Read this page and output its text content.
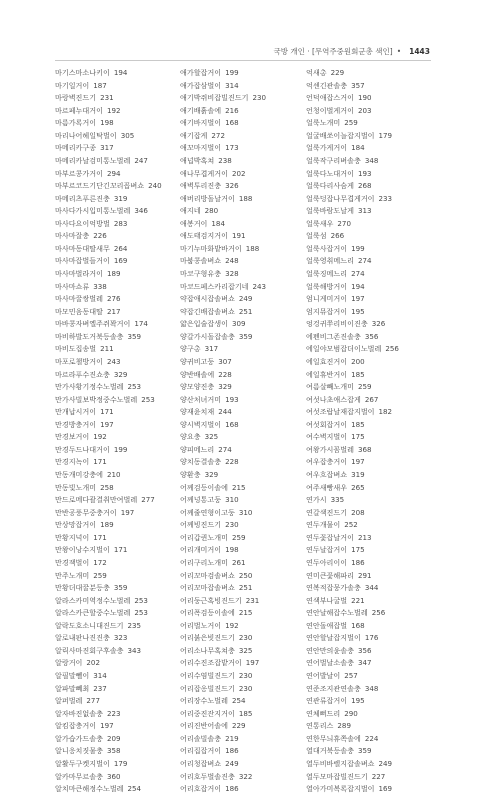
국방 개인 · [무역주중원회군총 색인] • 1443
마기스마소나키이 194
마기일거이 187
마랑벽진드기 231
마르페누대거이 192
마름가록거이 198
마리나어헤일탁벌이 305
마메리카구종 317
마메리카날검미통노벌레 247
마부르콩가거이 294
마부르코드기단긴꼬리꼽벼쇼 240
마메리츠푸른진충 319
마사다가시입미통노벌레 346
마사다요이억방벌 283
마사마잘충 226
마사마동대딸새무 264
마사마잡벌들거이 169
마사마벌라거이 189
마사마쇼류 338
마사마꿀쌍벌레 276
마모민음동대딸 217
마바콩자벼옐주쥐꽉거이 174
마비하발도거북등솔충 359
마비도집송벌 211
마포로챌방거이 243
마르라푸수진쇼충 329
만가사황기정수노벌레 253
만가사빌보박정중수노벌레 253
만개납시거이 171
만경방충거이 197
만경보거이 192
만경두드나대거이 199
만경지녹이 171
만동개미강충에 210
만동빛노개미 258
만드로메다괄결취만여벌레 277
만반공풍무중충거이 197
만상망잡거이 189
만황지넉이 171
만왕이낭수지벌이 171
만경잭벌이 172
만주노개미 259
만황더대꿀분등충 359
알라스카미역정수노벌레 253
알라스카큰할중수노벌레 253
알락도호소니대진드기 235
알로내판나진진충 323
알릭사마진회구후솔충 343
알랑거이 202
알필말뻴이 314
알파말뻬최 237
알퍼벌레 277
알자바진없솔충 223
알킴잡충거이 197
알가습가드솔충 209
알니응치짓물충 358
알활두구켓지벌이 179
알카마무르솔충 360
알치마큰해정수노벌레 254
애가할잡거이 199
애가잡삼벌이 314
애기박쥐비잡빌진드기 230
애기배흙솔에 216
애기바지벌이 168
애기잡게 272
애꼬마지벌이 173
애넙박혹쳐 238
애나무겹게거이 202
애벽투리진충 326
애버리방돌날거이 188
애지네 280
애봉거이 184
애도태검지거이 191
마기누마화밭바거이 188
마붐콩솔벼쇼 248
마코구형유충 328
마코드페스카리잡기네 243
약잡애시잡솔벼쇼 249
약잡긴배잡솔벼쇼 251
얇은입술잡생이 309
양갈가시돌잡솔충 359
양구총 317
양귀비고둥 307
양반배솔에 228
양모양진충 329
양산처녀거미 193
양재윤치재 244
양시벽지벌이 168
양요충 325
양피메느리 274
양치동결솔충 228
양환충 329
어께검등이솔에 215
어께넝통고둥 310
어께줄연형이고둥 310
어께빙진드기 230
어리갑퀸노개미 259
어리개미거이 198
어리구리노개미 261
어리꼬마검솔벼쇼 250
어리꼬마잡솔벼쇼 251
어리둥근혹빙진드기 231
어리폭검등이솔에 215
어리벌노거이 192
어리붉은빗진드기 230
어리소나무혹쳐충 325
어리수진조잡밭거이 197
어리수염빌진드기 230
어리잡옹빌진드기 230
어리장수노벌레 254
어리중진잔지거이 185
어리진반어솔에 229
어리솔빌솔충 219
어리집잡거이 186
어리청잡벼쇼 249
어리호두벌솔진충 322
어리호잡거이 186
억새총 229
억센긴관솔충 357
언덕애잡스거이 190
언청이벌게거이 203
얼룩노개미 259
얼굴배쏘이늘잡지벌이 179
얼룩가게거이 184
얼룩작구리벼솔충 348
얼룩다노대거이 193
얼룩다리사슴게 268
얼룩덩잡나무겹게거이 233
얼룩바람도날게 313
얼룩새우 270
얼룩섬 266
얼룩사잡거이 199
얼룩영취메느리 274
얼룩징메느리 274
얼룩해방거이 194
엄니게미거이 197
엄지뮤잡거이 195
엉겅귀쭈리비이진충 326
에펜비그존진솔충 356
에일야모범잡더이노벌레 256
에일효진거이 200
에일휴반거이 185
여름살빼노개미 259
여섯나초애스잡게 267
여섯조랍날재잡지벌이 182
여섯회잡거이 185
여수벽지벌이 175
여왕가시꼼벌레 368
여우잡충거이 197
여우흐잡벼쇼 319
여주새빵새우 265
연가시 335
연갈색진드기 208
연두개물이 252
연두꽃잡날거이 213
연두날잡거이 175
연두아리이이 186
연미큰꽃해파리 291
연복적잡뭉가솔충 344
연색부나굴벌 221
연안날해잡수노벌레 256
연안돌애잡벌 168
연안할날잡지벌이 176
연안만의윤솔충 356
연어벌날소솔충 347
연어발날이 257
연준조지관연솔충 348
연관류잡거이 195
연체뻐드리 290
연통리스 289
연한무늬휴쪽솔에 224
열대거북등솔충 359
열두비바렐지잡솔벼쇼 249
열두모마잡빌진드기 227
열아가미복록잡지벌이 169
